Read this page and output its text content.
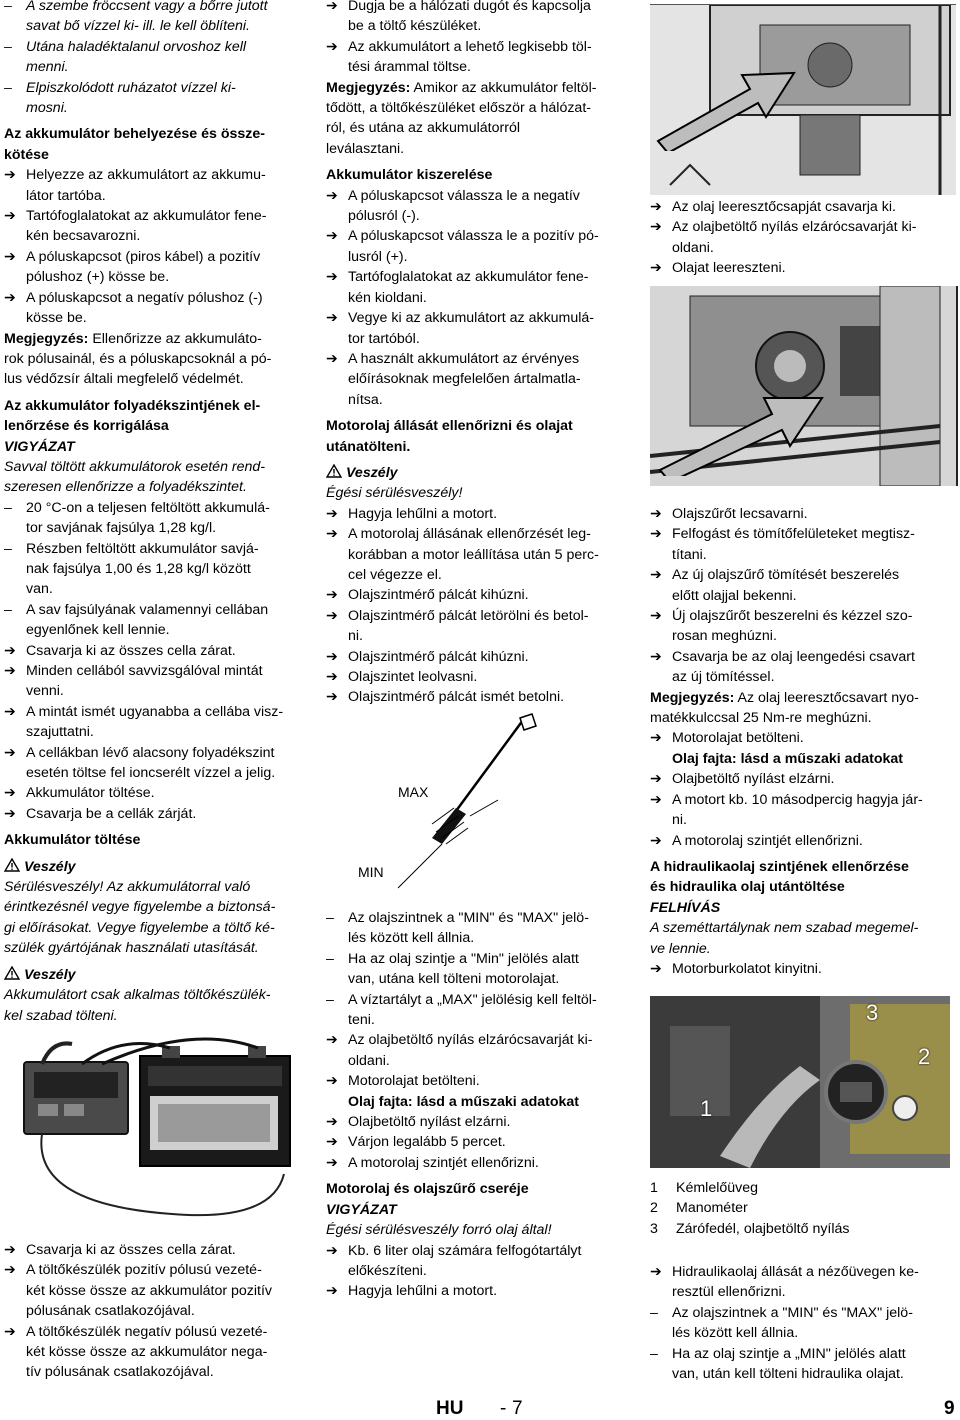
– A szembe fröccsent vagy a bőrre jutott
savat bő vízzel ki- ill. le kell öblíteni.
– Utána haladéktalanul orvoshoz kell
menni.
– Elpiszkolódott ruházatot vízzel ki-
mosni.
Az akkumulátor behelyezése és össze-
kötése
➔ Helyezze az akkumulátort az akkumu-
látor tartóba.
➔ Tartófoglalatokat az akkumulátor fene-
kén becsavarozni.
➔ A póluskapcsot (piros kábel) a pozitív
pólushoz (+) kösse be.
➔ A póluskapcsot a negatív pólushoz (-)
kösse be.
Megjegyzés: Ellenőrizze az akkumuláto-
rok pólusainál, és a póluskapcsoknál a pó-
lus védőzsír általi megfelelő védelmét.
Az akkumulátor folyadékszintjének el-
lenőrzése és korrigálása
VIGYÁZAT
Savval töltött akkumulátorok esetén rend-
szeresen ellenőrizze a folyadékszintet.
– 20 °C-on a teljesen feltöltött akkumulá-
tor savjának fajsúlya 1,28 kg/l.
– Részben feltöltött akkumulátor savjá-
nak fajsúlya 1,00 és 1,28 kg/l között
van.
– A sav fajsúlyának valamennyi cellában
egyenlőnek kell lennie.
➔ Csavarja ki az összes cella zárat.
➔ Minden cellából savvizsgálóval mintát
venni.
➔ A mintát ismét ugyanabba a cellába visz-
szajuttatni.
➔ A cellákban lévő alacsony folyadékszint
esetén töltse fel ioncserélt vízzel a jelig.
➔ Akkumulátor töltése.
➔ Csavarja be a cellák zárját.
Akkumulátor töltése
Veszély
Sérülésveszély! Az akkumulátorral való
érintkezésnél vegye figyelembe a biztonsá-
gi előírásokat. Vegye figyelembe a töltő ké-
szülék gyártójának használati utasítását.
Veszély
Akkumulátort csak alkalmas töltőkészülék-
kel szabad tölteni.
➔ Csavarja ki az összes cella zárat.
➔ A töltőkészülék pozitív pólusú vezeté-
két kösse össze az akkumulátor pozitív
pólusának csatlakozójával.
➔ A töltőkészülék negatív pólusú vezeté-
két kösse össze az akkumulátor nega-
tív pólusának csatlakozójával.
➔ Dugja be a hálózati dugót és kapcsolja
be a töltő készüléket.
➔ Az akkumulátort a lehető legkisebb töl-
tési árammal töltse.
Megjegyzés: Amikor az akkumulátor feltöl-
tődött, a töltőkészüléket először a hálózat-
ról, és utána az akkumulátorról
leválasztani.
Akkumulátor kiszerelése
➔ A póluskapcsot válassza le a negatív
pólusról (-).
➔ A póluskapcsot válassza le a pozitív pó-
lusról (+).
➔ Tartófoglalatokat az akkumulátor fene-
kén kioldani.
➔ Vegye ki az akkumulátort az akkumulá-
tor tartóból.
➔ A használt akkumulátort az érvényes
előírásoknak megfelelően ártalmatla-
nítsa.
Motorolaj állását ellenőrizni és olajat
utánatölteni.
Veszély
Égési sérülésveszély!
➔ Hagyja lehűlni a motort.
➔ A motorolaj állásának ellenőrzését leg-
korábban a motor leállítása után 5 perc-
cel végezze el.
➔ Olajszintmérő pálcát kihúzni.
➔ Olajszintmérő pálcát letörölni és betol-
ni.
➔ Olajszintmérő pálcát kihúzni.
➔ Olajszintet leolvasni.
➔ Olajszintmérő pálcát ismét betolni.
MAX
MIN
– Az olajszintnek a "MIN" és "MAX" jelö-
lés között kell állnia.
– Ha az olaj szintje a "Min" jelölés alatt
van, utána kell tölteni motorolajat.
– A víztartályt a „MAX" jelölésig kell feltöl-
teni.
➔ Az olajbetöltő nyílás elzárócsavarját ki-
oldani.
➔ Motorolajat betölteni.
Olaj fajta: lásd a műszaki adatokat
➔ Olajbetöltő nyílást elzárni.
➔ Várjon legalább 5 percet.
➔ A motorolaj szintjét ellenőrizni.
Motorolaj és olajszűrő cseréje
VIGYÁZAT
Égési sérülésveszély forró olaj által!
➔ Kb. 6 liter olaj számára felfogótartályt
előkészíteni.
➔ Hagyja lehűlni a motort.
➔ Az olaj leeresztőcsapját csavarja ki.
➔ Az olajbetöltő nyílás elzárócsavarját ki-
oldani.
➔ Olajat leereszteni.
➔ Olajszűrőt lecsavarni.
➔ Felfogást és tömítőfelületeket megtisz-
títani.
➔ Az új olajszűrő tömítését beszerelés
előtt olajjal bekenni.
➔ Új olajszűrőt beszerelni és kézzel szo-
rosan meghúzni.
➔ Csavarja be az olaj leengedési csavart
az új tömítéssel.
Megjegyzés: Az olaj leeresztőcsavart nyo-
matékkulccsal 25 Nm-re meghúzni.
➔ Motorolajat betölteni.
Olaj fajta: lásd a műszaki adatokat
➔ Olajbetöltő nyílást elzárni.
➔ A motort kb. 10 másodpercig hagyja jár-
ni.
➔ A motorolaj szintjét ellenőrizni.
A hidraulikaolaj szintjének ellenőrzése
és hidraulika olaj utántöltése
FELHÍVÁS
A szeméttartálynak nem szabad megemel-
ve lennie.
➔ Motorburkolatot kinyitni.
1
2
3
1 Kémlelőüveg
2 Manométer
3 Zárófedél, olajbetöltő nyílás
➔ Hidraulikaolaj állását a nézőüvegen ke-
resztül ellenőrizni.
– Az olajszintnek a "MIN" és "MAX" jelö-
lés között kell állnia.
– Ha az olaj szintje a „MIN" jelölés alatt
van, után kell tölteni hidraulika olajat.
HU - 7	9
